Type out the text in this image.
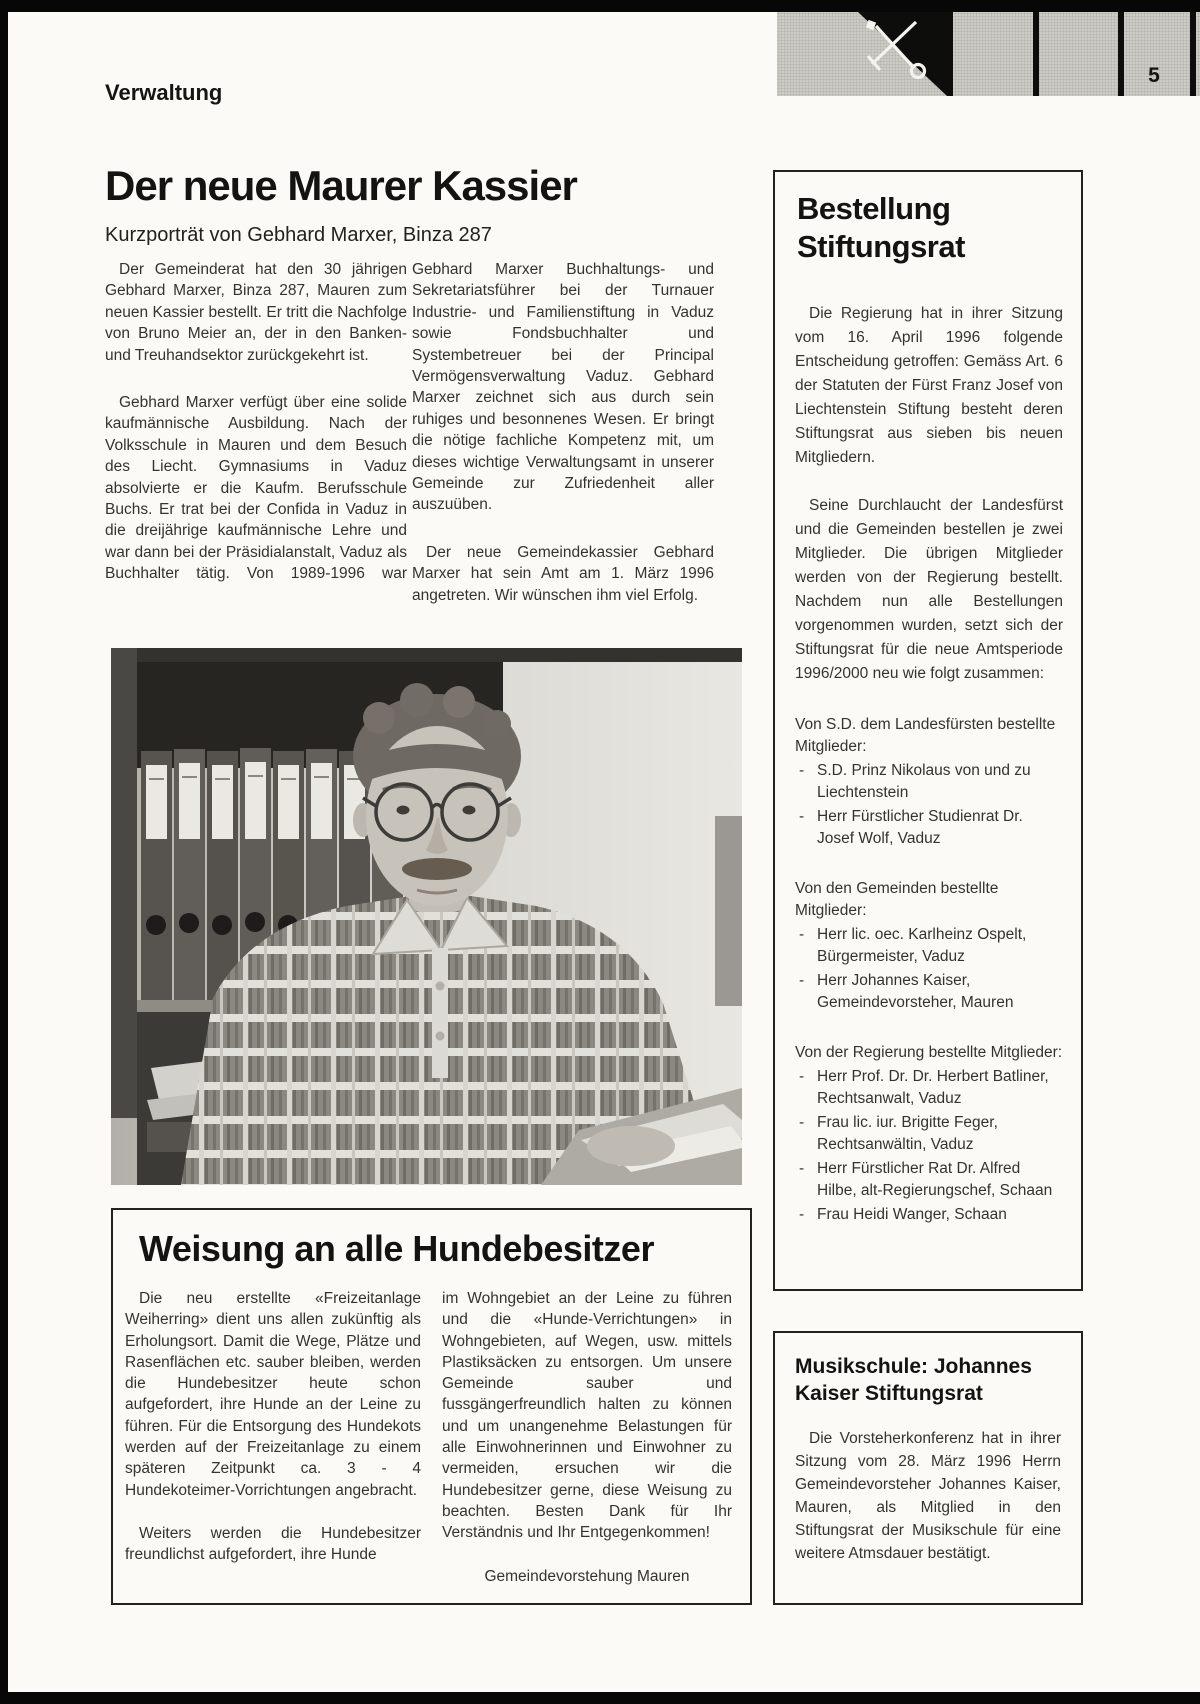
Verwaltung
5
Der neue Maurer Kassier
Kurzporträt von Gebhard Marxer, Binza 287

Der Gemeinderat hat den 30 jährigen Gebhard Marxer, Binza 287, Mauren zum neuen Kassier bestellt. Er tritt die Nachfolge von Bruno Meier an, der in den Banken- und Treuhandsektor zurückgekehrt ist.

Gebhard Marxer verfügt über eine solide kaufmännische Ausbildung. Nach der Volksschule in Mauren und dem Besuch des Liecht. Gymnasiums in Vaduz absolvierte er die Kaufm. Berufsschule Buchs. Er trat bei der Confida in Vaduz in die dreijährige kaufmännische Lehre und war dann bei der Präsidialanstalt, Vaduz als Buchhalter tätig. Von 1989-1996 war

Gebhard Marxer Buchhaltungs- und Sekretariatsführer bei der Turnauer Industrie- und Familienstiftung in Vaduz sowie Fondsbuchhalter und Systembetreuer bei der Principal Vermögensverwaltung Vaduz. Gebhard Marxer zeichnet sich aus durch sein ruhiges und besonnenes Wesen. Er bringt die nötige fachliche Kompetenz mit, um dieses wichtige Verwaltungsamt in unserer Gemeinde zur Zufriedenheit aller auszuüben.

Der neue Gemeindekassier Gebhard Marxer hat sein Amt am 1. März 1996 angetreten. Wir wünschen ihm viel Erfolg.

Weisung an alle Hundebesitzer

Die neu erstellte «Freizeitanlage Weiherring» dient uns allen zukünftig als Erholungsort. Damit die Wege, Plätze und Rasenflächen etc. sauber bleiben, werden die Hundebesitzer heute schon aufgefordert, ihre Hunde an der Leine zu führen. Für die Entsorgung des Hundekots werden auf der Freizeitanlage zu einem späteren Zeitpunkt ca. 3 - 4 Hundekoteimer-Vorrichtungen angebracht.

Weiters werden die Hundebesitzer freundlichst aufgefordert, ihre Hunde

im Wohngebiet an der Leine zu führen und die «Hunde-Verrichtungen» in Wohngebieten, auf Wegen, usw. mittels Plastiksäcken zu entsorgen. Um unsere Gemeinde sauber und fussgängerfreundlich halten zu können und um unangenehme Belastungen für alle Einwohnerinnen und Einwohner zu vermeiden, ersuchen wir die Hundebesitzer gerne, diese Weisung zu beachten. Besten Dank für Ihr Verständnis und Ihr Entgegenkommen!

Gemeindevorstehung Mauren

Bestellung Stiftungsrat

Die Regierung hat in ihrer Sitzung vom 16. April 1996 folgende Entscheidung getroffen: Gemäss Art. 6 der Statuten der Fürst Franz Josef von Liechtenstein Stiftung besteht deren Stiftungsrat aus sieben bis neuen Mitgliedern.

Seine Durchlaucht der Landesfürst und die Gemeinden bestellen je zwei Mitglieder. Die übrigen Mitglieder werden von der Regierung bestellt. Nachdem nun alle Bestellungen vorgenommen wurden, setzt sich der Stiftungsrat für die neue Amtsperiode 1996/2000 neu wie folgt zusammen:

Von S.D. dem Landesfürsten bestellte Mitglieder:

- S.D. Prinz Nikolaus von und zu Liechtenstein
- Herr Fürstlicher Studienrat Dr. Josef Wolf, Vaduz

Von den Gemeinden bestellte Mitglieder:

- Herr lic. oec. Karlheinz Ospelt, Bürgermeister, Vaduz
- Herr Johannes Kaiser, Gemeindevorsteher, Mauren

Von der Regierung bestellte Mitglieder:

- Herr Prof. Dr. Dr. Herbert Batliner, Rechtsanwalt, Vaduz
- Frau lic. iur. Brigitte Feger, Rechtsanwältin, Vaduz
- Herr Fürstlicher Rat Dr. Alfred Hilbe, alt-Regierungschef, Schaan
- Frau Heidi Wanger, Schaan
Musikschule: Johannes Kaiser Stiftungsrat

Die Vorsteherkonferenz hat in ihrer Sitzung vom 28. März 1996 Herrn Gemeindevorsteher Johannes Kaiser, Mauren, als Mitglied in den Stiftungsrat der Musikschule für eine weitere Atmsdauer bestätigt.
